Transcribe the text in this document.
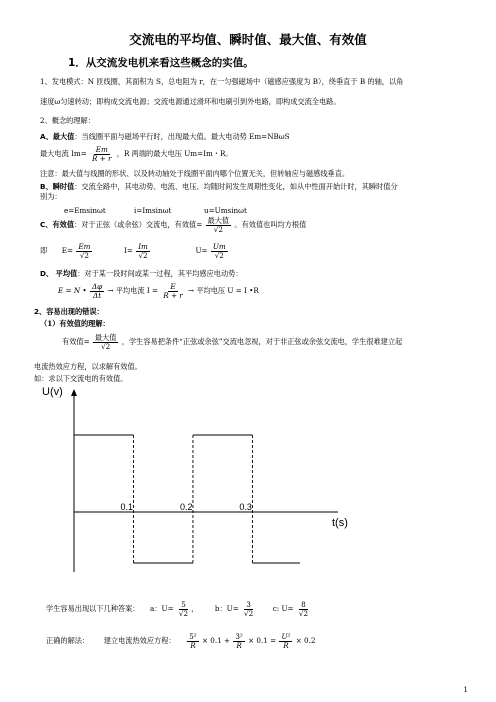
交流电的平均值、瞬时值、最大值、有效值
1．从交流发电机来看这些概念的实值。
1、发电模式：N 匝线圈，其面积为 S，总电阻为 r，在一匀强磁场中（磁感应强度为 B），绕垂直于 B 的轴，以角
速度ω匀速转动；即构成交流电源；交流电源通过滑环和电刷引到外电路，即构成交流全电路。
2、概念的理解：
A、最大值：当线圈平面与磁场平行时，出现最大值。最大电动势 Em=NBωS
最大电流 $Im= \frac{Em}{R + r}$ ，R 两端的最大电压 Um=Im・R。
注意：最大值与线圈的形状、以及转动轴处于线圈平面内哪个位置无关，但转轴应与磁感线垂直。
B、瞬时值：交流全路中，其电动势、电流、电压、均随时间发生周期性变化，如从中性面开始计时，其瞬时值分
别为：
e=Emsinωt	i=Imsinωt	u=Umsinωt
C、有效值：对于正弦（或余弦）交流电，有效值= $\frac{\text{最大值}}{√2}$ 。有效值也叫均方根值
即 $E= \frac{Em}{√2}$	$I= \frac{Im}{√2}$	$U= \frac{Um}{√2}$
D、 平均值：对于某一段时间或某一过程，其平均感应电动势：
E = N • $\frac{\Delta\varphi}{\Delta t}$ → 平均电流 $I = \frac{E}{R + r}$ → 平均电压 U = I •R
2、容易出现的错误：
（1）有效值的理解：
有效值= $\frac{\text{最大值}}{√2}$ ，学生容易把条件“正弦或余弦”交流电忽视，对于非正弦或余弦交流电，学生很难建立起
电流热效应方程，以求解有效值。
如：求以下交流电的有效值。
U(v)
t(s)
0.1	0.2	0.3
学生容易出现以下几种答案： a：$U= \frac{5}{√2}$ ，  b：$U= \frac{3}{√2} c$: $U= \frac{8}{√2}$
正确的解法： 建立电流热效应方程： $\frac{\text{5²}}{R} \times 0.1 + \frac{\text{3²}}{R} \times 0.1 = \frac{\text{U²}}{R} \times 0.2$
1
